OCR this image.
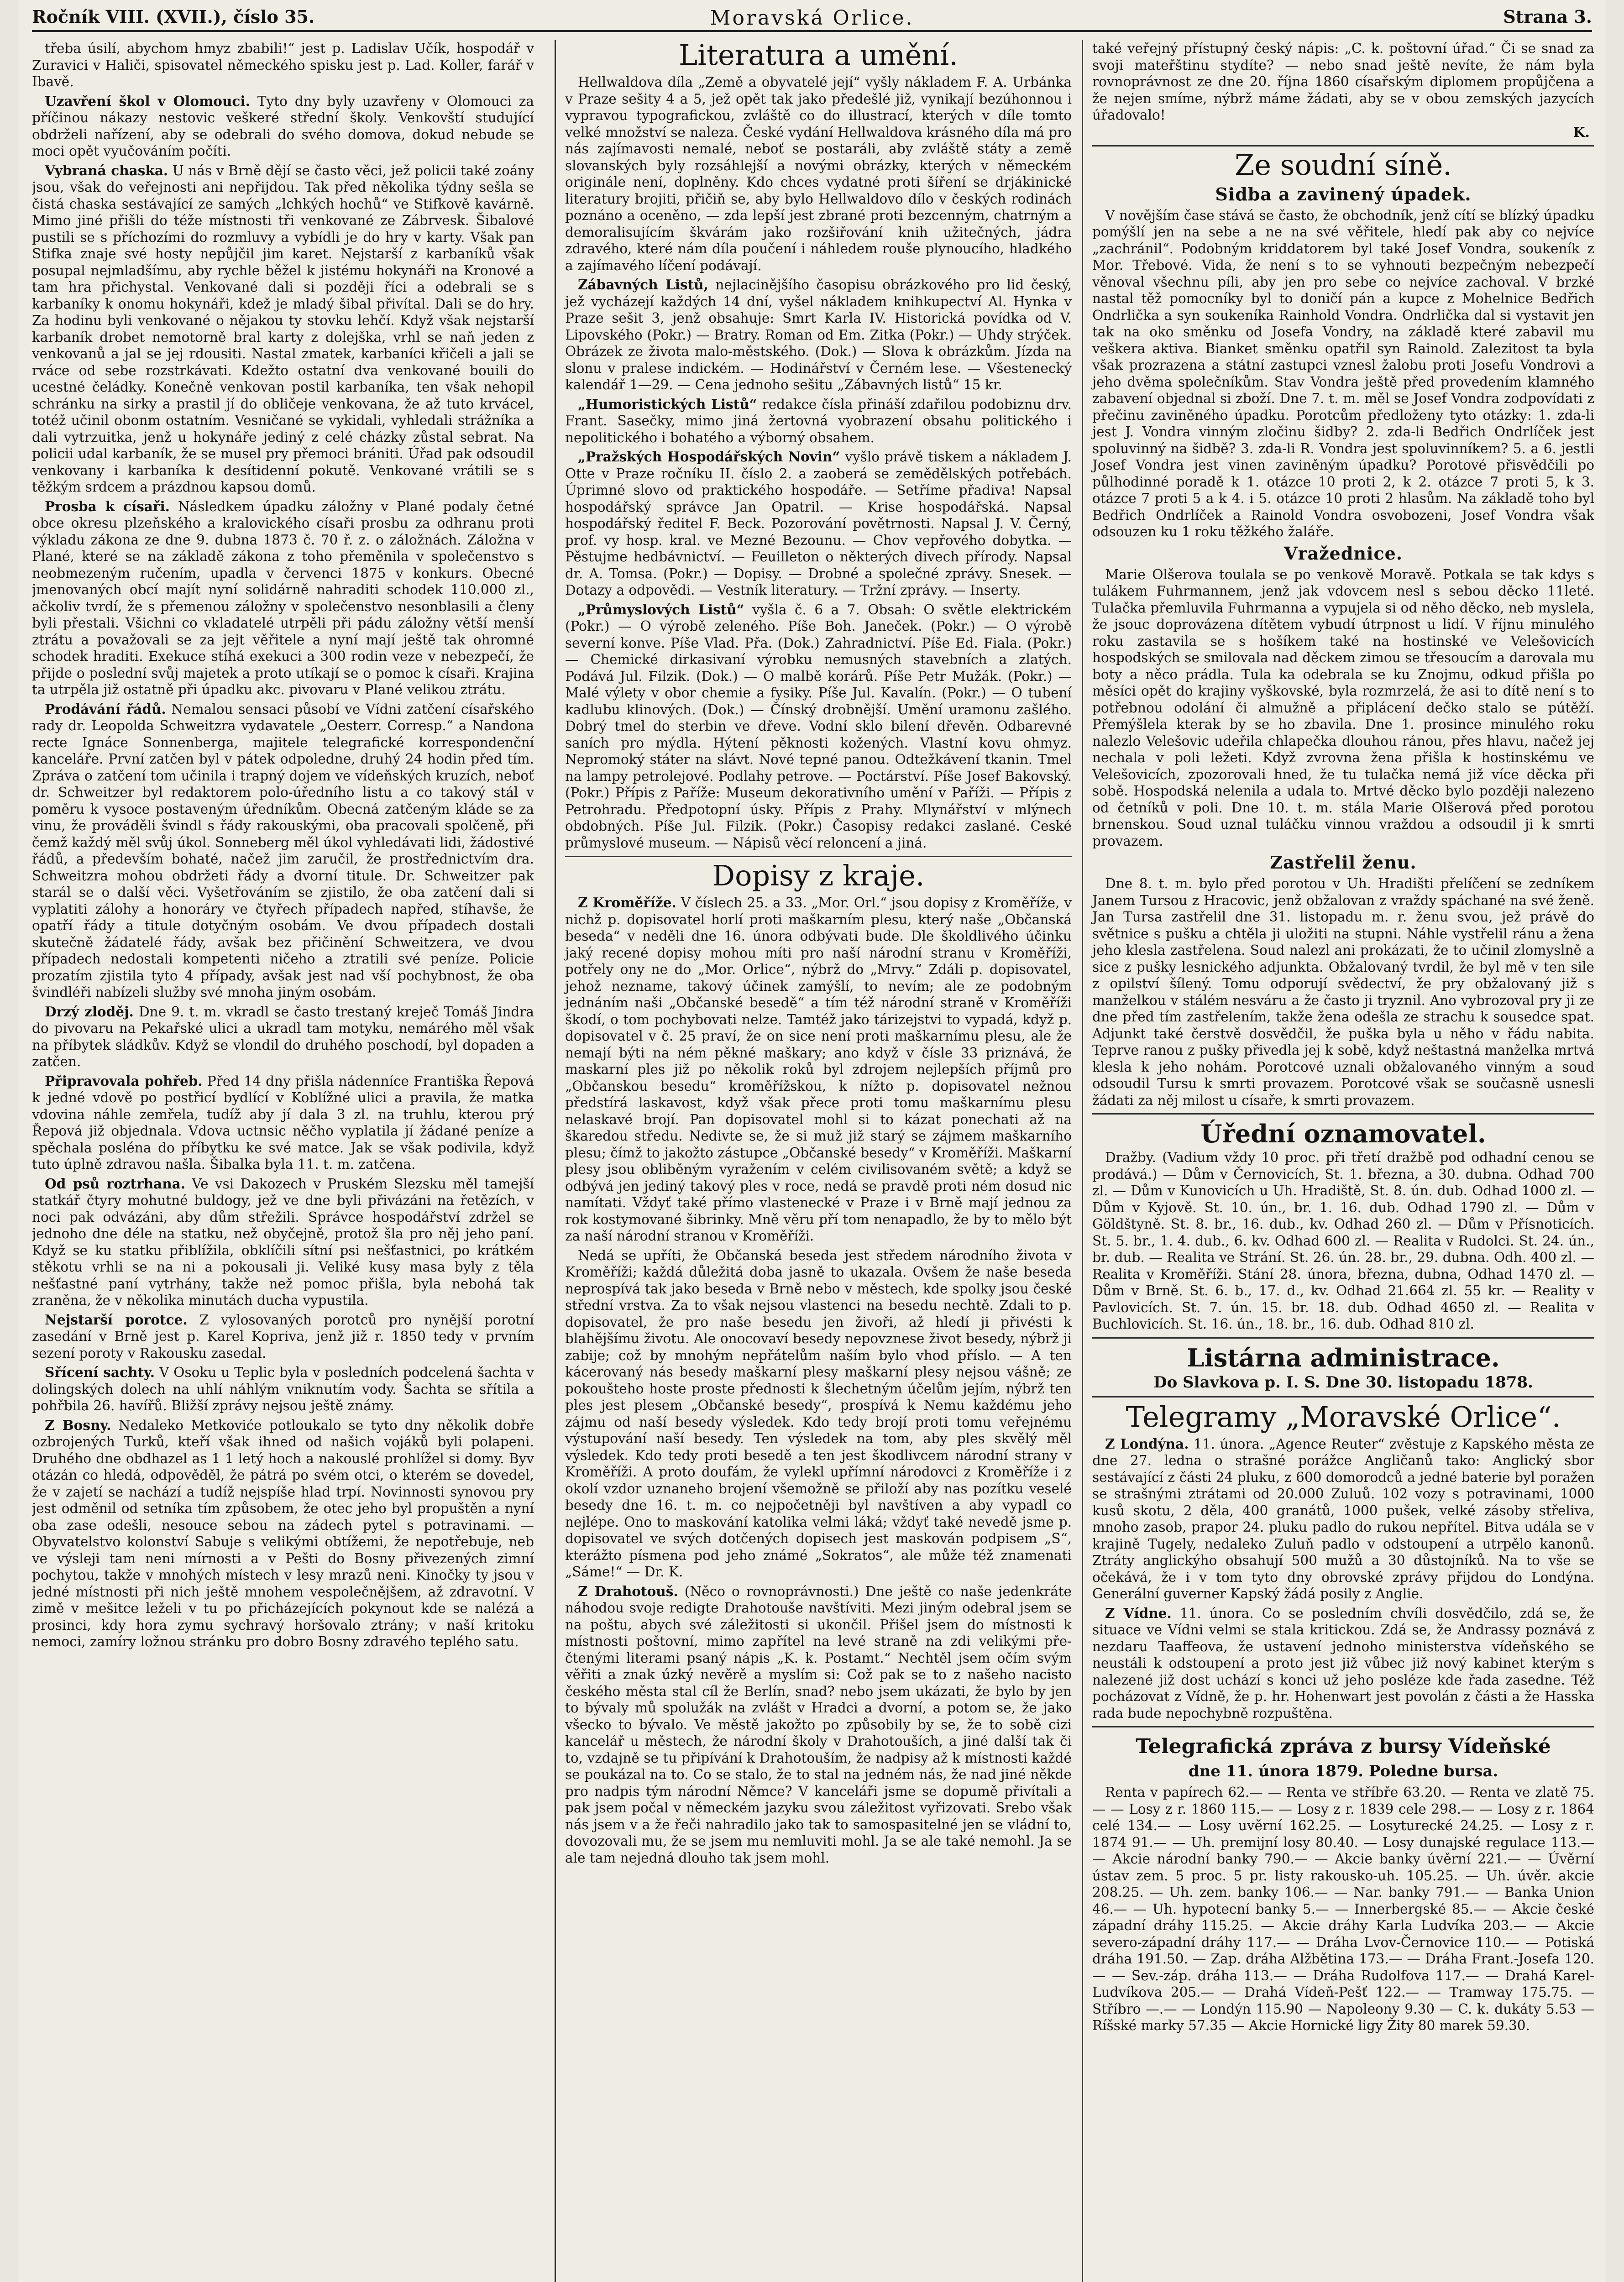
Ročník VIII. (XVII.), číslo 35.	Moravská Orlice.	Strana 3.

třeba úsilí, abychom hmyz zbabili!“ jest p. Ladislav Učík, hospodář v Zuravici v Haliči, spisovatel německého spisku jest p. Lad. Koller, farář v Ibavě.

Uzavření škol v Olomouci. Tyto dny byly uzavřeny v Olomouci za příčinou nákazy nestovic veškeré střední školy. Venkovští studující obdrželi nařízení, aby se odebrali do svého domova, dokud nebude se moci opět vyučováním počíti.

Vybraná chaska. U nás v Brně dějí se často věci, jež policii také zoány jsou, však do veřejnosti ani nepřijdou. Tak před několika týdny sešla se čistá chaska sestávající ze samých „lchkých hochů“ ve Stifkově kavárně. Mimo jiné přišli do téže místnosti tři venkované ze Zábrvesk. Šibalové pustili se s příchozími do rozmluvy a vybídli je do hry v karty. Však pan Stifka znaje své hosty nepůjčil jim karet. Nejstarší z karbaníků však posupal nejmladšímu, aby rychle běžel k jistému hokynáři na Kronové a tam hra přichystal. Venkované dali si později říci a odebrali se s karbaníky k onomu hokynáři, kdež je mladý šibal přivítal. Dali se do hry. Za hodinu byli venkované o nějakou ty stovku lehčí. Když však nejstarší karbaník drobet nemotorně bral karty z dolejška, vrhl se naň jeden z venkovanů a jal se jej rdousiti. Nastal zmatek, karbaníci křičeli a jali se rváce od sebe rozstrkávati. Kdežto ostatní dva venkované bouili do ucestné čeládky. Konečně venkovan postil karbaníka, ten však nehopil schránku na sirky a prastil jí do obličeje venkovana, že až tuto krvácel, totéž učinil obonm ostatním. Vesničané se vykidali, vyhledali strážníka a dali vytrzuitka, jenž u hokynáře jediný z celé cházky zůstal sebrat. Na policii udal karbaník, že se musel pry přemoci brániti. Úřad pak odsoudil venkovany i karbaníka k desítidenní pokutě. Venkované vrátili se s těžkým srdcem a prázdnou kapsou domů.

Prosba k císaři. Následkem úpadku záložny v Plané podaly četné obce okresu plzeňského a kralovického císaři prosbu za odhranu proti výkladu zákona ze dne 9. dubna 1873 č. 70 ř. z. o záložnách. Záložna v Plané, které se na základě zákona z toho přeměnila v společenstvo s neobmezeným ručením, upadla v červenci 1875 v konkurs. Obecné jmenovaných obcí majít nyní solidárně nahraditi schodek 110.000 zl., ačkoliv tvrdí, že s přemenou záložny v společenstvo nesonblasili a členy byli přestali. Všichni co vkladatelé utrpěli při pádu záložny větší menší ztrátu a považovali se za jejt věřitele a nyní mají ještě tak ohromné schodek hraditi. Exekuce stíhá exekuci a 300 rodin veze v nebezpečí, že přijde o poslední svůj majetek a proto utíkají se o pomoc k císaři. Krajina ta utrpěla již ostatně při úpadku akc. pivovaru v Plané velikou ztrátu.

Prodávání řádů. Nemalou sensaci působí ve Vídni zatčení císařského rady dr. Leopolda Schweitzra vydavatele „Oesterr. Corresp.“ a Nandona recte Ignáce Sonnenberga, majitele telegrafické korrespondenční kanceláře. První zatčen byl v pátek odpoledne, druhý 24 hodin před tím. Zpráva o zatčení tom učinila i trapný dojem ve vídeňských kruzích, neboť dr. Schweitzer byl redaktorem polo-úředního listu a co takový stál v poměru k vysoce postaveným úředníkům. Obecná zatčeným kláde se za vinu, že prováděli švindl s řády rakouskými, oba pracovali spolčeně, při čemž každý měl svůj úkol. Sonneberg měl úkol vyhledávati lidi, žádostivé řádů, a především bohaté, načež jim zaručil, že prostřednictvím dra. Schweitzra mohou obdržeti řády a dvorní titule. Dr. Schweitzer pak starál se o další věci. Vyšetřováním se zjistilo, že oba zatčení dali si vyplatiti zálohy a honoráry ve čtyřech případech napřed, stíhavše, že opatří řády a titule dotyčným osobám. Ve dvou případech dostali skutečně žádatelé řády, avšak bez přičinění Schweitzera, ve dvou případech nedostali kompetenti ničeho a ztratili své peníze. Policie prozatím zjistila tyto 4 případy, avšak jest nad vší pochybnost, že oba švindléři nabízeli služby své mnoha jiným osobám.

Drzý zloděj. Dne 9. t. m. vkradl se často trestaný kreječ Tomáš Jindra do pivovaru na Pekařské ulici a ukradl tam motyku, nemárého měl však na příbytek sládkův. Když se vlondil do druhého poschodí, byl dopaden a zatčen.

Připravovala pohřeb. Před 14 dny přišla nádenníce Františka Řepová k jedné vdově po postřicí bydlící v Koblížné ulici a pravila, že matka vdovina náhle zemřela, tudíž aby jí dala 3 zl. na truhlu, kterou prý Řepová již objednala. Vdova uctnsic něčho vyplatila jí žádané peníze a spěchala posléna do příbytku ke své matce. Jak se však podivila, když tuto úplně zdravou našla. Šibalka byla 11. t. m. zatčena.

Od psů roztrhana. Ve vsi Dakozech v Pruském Slezsku měl tamejší statkář čtyry mohutné buldogy, jež ve dne byli přivázáni na řetězích, v noci pak odvázáni, aby dům střežili. Správce hospodářství zdržel se jednoho dne déle na statku, než obyčejně, protož šla pro něj jeho paní. Když se ku statku přiblížila, obklíčili sítní psi nešťastnici, po krátkém stěkotu vrhli se na ni a pokousali ji. Veliké kusy masa byly z těla nešťastné paní vytrhány, takže než pomoc přišla, byla nebohá tak zraněna, že v několika minutách ducha vypustila.

Nejstarší porotce. Z vylosovaných porotců pro nynější porotní zasedání v Brně jest p. Karel Kopriva, jenž již r. 1850 tedy v prvním sezení poroty v Rakousku zasedal.

Sřícení sachty. V Osoku u Teplic byla v posledních podcelená šachta v dolingských dolech na uhlí náhlým vniknutím vody. Šachta se sřítila a pohřbila 26. havířů. Bližší zprávy nejsou ještě známy.

Z Bosny. Nedaleko Metkoviće potloukalo se tyto dny několik dobře ozbrojených Turků, kteří však ihned od našich vojáků byli polapeni. Druhého dne obdhazel as 1 1 letý hoch a nakouslé prohlížel si domy. Byv otázán co hledá, odpověděl, že pátrá po svém otci, o kterém se dovedel, že v zajetí se nachází a tudíž nejspíše hlad trpí. Novinnosti synovou pry jest odměnil od setníka tím způsobem, že otec jeho byl propuštěn a nyní oba zase odešli, nesouce sebou na zádech pytel s potravinami. — Obyvatelstvo kolonství Sabuje s velikými obtížemi, že nepotřebuje, neb ve výsleji tam neni mírnosti a v Pešti do Bosny přivezených zimní pochytou, takže v mnohých místech v lesy mrazů neni. Kinočky ty jsou v jedné místnosti při nich ještě mnohem vespolečnějšem, až zdravotní. V zimě v mešitce leželi v tu po přicházejících pokynout kde se nalézá a prosinci, kdy hora zymu sychravý horšovalo ztrány; v naší kritoku nemoci, zamíry ložnou stránku pro dobro Bosny zdravého teplého satu.

Literatura a umění.

Hellwaldova díla „Země a obyvatelé její“ vyšly nákladem F. A. Urbánka v Praze sešity 4 a 5, jež opět tak jako předešlé již, vynikají bezúhonnou i vypravou typografickou, zvláště co do illustrací, kterých v díle tomto velké množství se naleza. České vydání Hellwaldova krásného díla má pro nás zajímavosti nemalé, neboť se postaráli, aby zvláště státy a země slovanských byly rozsáhlejší a novými obrázky, kterých v německém originále není, doplněny. Kdo chces vydatné proti šíření se drjákinické literatury brojiti, přičiň se, aby bylo Hellwaldovo dílo v českých rodinách poznáno a oceněno, — zda lepší jest zbrané proti bezcenným, chatrným a demoralisujícím škvárám jako rozšiřování knih užitečných, jádra zdravého, které nám díla poučení i náhledem rouše plynoucího, hladkého a zajímavého líčení podávají.

Zábavných Listů, nejlacinějšího časopisu obrázkového pro lid český, jež vycházejí každých 14 dní, vyšel nákladem knihkupectví Al. Hynka v Praze sešit 3, jenž obsahuje: Smrt Karla IV. Historická povídka od V. Lipovského (Pokr.) — Bratry. Roman od Em. Zitka (Pokr.) — Uhdy strýček. Obrázek ze života malo-městského. (Dok.) — Slova k obrázkům. Jízda na slonu v pralese indickém. — Hodinářství v Černém lese. — Všestenecký kalendář 1—29. — Cena jednoho sešitu „Zábavných listů“ 15 kr.

„Humoristických Listů“ redakce čísla přináší zdařilou podobiznu drv. Frant. Sasečky, mimo jiná žertovná vyobrazení obsahu politického i nepolitického i bohatého a výborný obsahem.

„Pražských Hospodářských Novin“ vyšlo právě tiskem a nákladem J. Otte v Praze ročníku II. číslo 2. a zaoberá se zemědělských potřebách. Úprimné slovo od praktického hospodáře. — Setříme přadiva! Napsal hospodářský správce Jan Opatril. — Krise hospodářská. Napsal hospodářský ředitel F. Beck. Pozorování povětrnosti. Napsal J. V. Černý, prof. vy hosp. kral. ve Mezné Bezounu. — Chov vepřového dobytka. — Pěstujme hedbávnictví. — Feuilleton o některých divech přírody. Napsal dr. A. Tomsa. (Pokr.) — Dopisy. — Drobné a společné zprávy. Snesek. — Dotazy a odpovědi. — Vestník literatury. — Tržní zprávy. — Inserty.

„Průmyslových Listů“ vyšla č. 6 a 7. Obsah: O světle elektrickém (Pokr.) — O výrobě zeleného. Píše Boh. Janeček. (Pokr.) — O výrobě severní konve. Píše Vlad. Přa. (Dok.) Zahradnictví. Píše Ed. Fiala. (Pokr.) — Chemické dirkasivaní výrobku nemusných stavebních a zlatých. Podává Jul. Filzik. (Dok.) — O malbě korárů. Píše Petr Mužák. (Pokr.) — Malé výlety v obor chemie a fysiky. Píše Jul. Kavalín. (Pokr.) — O tubení kadlubu klinových. (Dok.) — Čínský drobnější. Umění uramonu zašlého. Dobrý tmel do sterbin ve dřeve. Vodní sklo bilení dřevěn. Odbarevné saních pro mýdla. Hýtení pěknosti kožených. Vlastní kovu ohmyz. Nepromoký státer na slávt. Nové tepné panou. Odtežkávení tkanin. Tmel na lampy petrolejové. Podlahy petrove. — Poctárství. Píše Josef Bakovský. (Pokr.) Přípis z Paříže: Museum dekorativního umění v Paříži. — Přípis z Petrohradu. Předpotopní úsky. Přípis z Prahy. Mlynářství v mlýnech obdobných. Píše Jul. Filzik. (Pokr.) Časopisy redakci zaslané. Ceské průmyslové museum. — Nápisů věcí reloncení a jiná.

Dopisy z kraje.

Z Kroměříže. V číslech 25. a 33. „Mor. Orl.“ jsou dopisy z Kroměříže, v nichž p. dopisovatel horlí proti maškarním plesu, který naše „Občanská beseda“ v neděli dne 16. února odbývati bude. Dle školdlivého účinku jaký recené dopisy mohou míti pro naší národní stranu v Kroměříži, potřely ony ne do „Mor. Orlice“, nýbrž do „Mrvy.“ Zdáli p. dopisovatel, jehož nezname, takový účinek zamýšlí, to nevím; ale ze podobným jednáním naši „Občanské besedě“ a tím též národní straně v Kroměříži škodí, o tom pochybovati nelze. Tamtéž jako tárizejstvi to vypadá, když p. dopisovatel v č. 25 praví, že on sice není proti maškarnímu plesu, ale že nemají býti na ném pěkné maškary; ano když v čísle 33 priznává, že maskarní ples již po několik roků byl zdrojem nejlepších příjmů pro „Občanskou besedu“ kroměřížskou, k nížto p. dopisovatel nežnou předstírá laskavost, když však přece proti tomu maškarnímu plesu nelaskavé brojí. Pan dopisovatel mohl si to kázat ponechati až na škaredou středu. Nedivte se, že si muž již starý se zájmem maškarního plesu; čímž to jakožto zástupce „Občanské besedy“ v Kroměříži. Maškarní plesy jsou obliběným vyražením v celém civilisovaném světě; a když se odbývá jen jediný takový ples v roce, nedá se pravdě proti ném dosud nic namítati. Vždyť také přímo vlastenecké v Praze i v Brně mají jednou za rok kostymované šibrinky. Mně věru pří tom nenapadlo, že by to mělo být za naší národní stranou v Kroměříži.

Nedá se upříti, že Občanská beseda jest středem národního života v Kroměříži; každá důležitá doba jasně to ukazala. Ovšem že naše beseda neprospívá tak jako beseda v Brně nebo v městech, kde spolky jsou české střední vrstva. Za to však nejsou vlastenci na besedu nechtě. Zdali to p. dopisovatel, že pro naše besedu jen živoři, až hledí ji přivésti k blahějšímu životu. Ale onocovaví besedy nepovznese život besedy, nýbrž ji zabije; což by mnohým nepřátelům naším bylo vhod příslo. — A ten kácerovaný nás besedy maškarní plesy maškarní plesy nejsou vášně; ze pokoušteho hoste proste přednosti k šlechetným účelům jejím, nýbrž ten ples jest plesem „Občanské besedy“, prospívá k Nemu každému jeho zájmu od naší besedy výsledek. Kdo tedy brojí proti tomu veřejnému výstupování naší besedy. Ten výsledek na tom, aby ples skvělý měl výsledek. Kdo tedy proti besedě a ten jest škodlivcem národní strany v Kroměříži. A proto doufám, že vylekl upřímní národovci z Kroměříže i z okolí vzdor uznaneho brojení všemožně se přiloží aby nas pozítku veselé besedy dne 16. t. m. co nejpočetněji byl navštíven a aby vypadl co nejlépe. Ono to maskování katolika velmi láká; vždyť také nevedě jsme p. dopisovatel ve svých dotčených dopisech jest maskován podpisem „S“, kterážto písmena pod jeho známé „Sokratos“, ale může též znamenati „Sáme!“ — Dr. K.

Z Drahotouš. (Něco o rovnoprávnosti.) Dne ještě co naše jedenkráte náhodou svoje redigte Drahotouše navštíviti. Mezi jiným odebral jsem se na poštu, abych své záležitosti si ukončil. Přišel jsem do místnosti k místnosti poštovní, mimo zapřítel na levé straně na zdi velikými pře-čtenými literami psaný nápis „K. k. Postamt.“ Nechtěl jsem očím svým věřiti a znak úzký nevěrě a myslím si: Což pak se to z našeho nacisto českého města stal cíl že Berlín, snad? nebo jsem ukázati, že bylo by jen to bývaly mů spolužák na zvlášt v Hradci a dvorní, a potom se, že jako všecko to bývalo. Ve městě jakožto po způsobily by se, že to sobě cizi kancelář u městech, že národní školy v Drahotouších, a jiné další tak či to, vzdajně se tu připívání k Drahotouším, že nadpisy až k místnosti každé se poukázal na to. Co se stalo, že to stal na jedném nás, že nad jiné někde pro nadpis tým národní Němce? V kanceláři jsme se dopumě přivítali a pak jsem počal v německém jazyku svou záležitost vyřizovati. Srebo však nás jsem v a že řeči nahradilo jako tak to samospasitelné jen se vládní to, dovozovali mu, že se jsem mu nemluviti mohl. Ja se ale také nemohl. Ja se ale tam nejedná dlouho tak jsem mohl.

také veřejný přístupný český nápis: „C. k. poštovní úřad.“ Či se snad za svoji mateřštinu stydíte? — nebo snad ještě nevíte, že nám byla rovnoprávnost ze dne 20. října 1860 císařským diplomem propůjčena a že nejen smíme, nýbrž máme žádati, aby se v obou zemských jazycích úřadovalo!

K.
Ze soudní síně.
Sidba a zavinený úpadek.

V novějším čase stává se často, že obchodník, jenž cítí se blízký úpadku pomýšlí jen na sebe a ne na své věřitele, hledí pak aby co nejvíce „zachránil“. Podobným kriddatorem byl také Josef Vondra, soukeník z Mor. Třebové. Vida, že není s to se vyhnouti bezpečným nebezpečí věnoval všechnu píli, aby jen pro sebe co nejvíce zachoval. V brzké nastal těž pomocníky byl to doničí pán a kupce z Mohelnice Bedřich Ondrlička a syn soukeníka Rainhold Vondra. Ondrlička dal si vystavit jen tak na oko směnku od Josefa Vondry, na základě které zabavil mu veškera aktiva. Bianket směnku opatřil syn Rainold. Zalezitost ta byla však prozrazena a státní zastupci vznesl žalobu proti Josefu Vondrovi a jeho dvěma společníkům. Stav Vondra ještě před provedením klamného zabavení objednal si zboží. Dne 7. t. m. měl se Josef Vondra zodpovídati z přečinu zaviněného úpadku. Porotcům předloženy tyto otázky: 1. zda-li jest J. Vondra vinným zločinu šidby? 2. zda-li Bedřich Ondrlíček jest spoluvinný na šidbě? 3. zda-li R. Vondra jest spoluvinníkem? 5. a 6. jestli Josef Vondra jest vinen zaviněným úpadku? Porotové přisvědčili po půlhodinné poradě k 1. otázce 10 proti 2, k 2. otázce 7 proti 5, k 3. otázce 7 proti 5 a k 4. i 5. otázce 10 proti 2 hlasům. Na základě toho byl Bedřich Ondrlíček a Rainold Vondra osvobozeni, Josef Vondra však odsouzen ku 1 roku těžkého žaláře.

Vražednice.

Marie Olšerova toulala se po venkově Moravě. Potkala se tak kdys s tulákem Fuhrmannem, jenž jak vdovcem nesl s sebou děcko 11leté. Tulačka přemluvila Fuhrmanna a vypujela si od něho děcko, neb myslela, že jsouc doprovázena dítětem vybudí útrpnost u lidí. V říjnu minulého roku zastavila se s hošíkem také na hostinské ve Velešovicích hospodských se smilovala nad děckem zimou se třesoucím a darovala mu boty a něco prádla. Tula ka odebrala se ku Znojmu, odkud přišla po měsíci opět do krajiny vyškovské, byla rozmrzelá, že asi to dítě není s to potřebnou odolání či almužně a připlácení dečko stalo se pútěží. Přemýšlela kterak by se ho zbavila. Dne 1. prosince minulého roku nalezlo Velešovic udeřila chlapečka dlouhou ránou, přes hlavu, načež jej nechala v poli ležeti. Když zvrovna žena přišla k hostinskému ve Velešovicích, zpozorovali hned, že tu tulačka nemá již více děcka při sobě. Hospodská nelenila a udala to. Mrtvé děcko bylo později nalezeno od četníků v poli. Dne 10. t. m. stála Marie Olšerová před porotou brnenskou. Soud uznal tuláčku vinnou vraždou a odsoudil ji k smrti provazem.

Zastřelil ženu.

Dne 8. t. m. bylo před porotou v Uh. Hradišti přelíčení se zedníkem Janem Tursou z Hracovic, jenž obžalovan z vraždy spáchané na své ženě. Jan Tursa zastřelil dne 31. listopadu m. r. ženu svou, jež právě do světnice s pušku a chtěla ji uložiti na stupni. Náhle vystřelil ránu a žena jeho klesla zastřelena. Soud nalezl ani prokázati, že to učinil zlomyslně a sice z pušky lesnického adjunkta. Obžalovaný tvrdil, že byl mě v ten sile z opilství šílený. Tomu odporují svědectví, že pry obžalovaný již s manželkou v stálém nesváru a že často ji tryznil. Ano vybrozoval pry ji ze dne před tím zastřelením, takže žena odešla ze strachu k sousedce spat. Adjunkt také čerstvě dosvědčil, že puška byla u něho v řádu nabita. Teprve ranou z pušky přivedla jej k sobě, když neštastná manželka mrtvá klesla k jeho nohám. Porotcové uznali obžalovaného vinným a soud odsoudil Tursu k smrti provazem. Porotcové však se současně usnesli žádati za něj milost u císaře, k smrti provazem.

Úřední oznamovatel.

Dražby. (Vadium vždy 10 proc. při třetí dražbě pod odhadní cenou se prodává.) — Dům v Černovicích, St. 1. března, a 30. dubna. Odhad 700 zl. — Dům v Kunovicích u Uh. Hradiště, St. 8. ún. dub. Odhad 1000 zl. — Dům v Kyjově. St. 10. ún., br. 1. 16. dub. Odhad 1790 zl. — Dům v Göldštyně. St. 8. br., 16. dub., kv. Odhad 260 zl. — Dům v Přísnoticích. St. 5. br., 1. 4. dub., 6. kv. Odhad 600 zl. — Realita v Rudolci. St. 24. ún., br. dub. — Realita ve Strání. St. 26. ún. 28. br., 29. dubna. Odh. 400 zl. — Realita v Kroměříži. Stání 28. února, března, dubna, Odhad 1470 zl. — Dům v Brně. St. 6. b., 17. d., kv. Odhad 21.664 zl. 55 kr. — Reality v Pavlovicích. St. 7. ún. 15. br. 18. dub. Odhad 4650 zl. — Realita v Buchlovicích. St. 16. ún., 18. br., 16. dub. Odhad 810 zl.

Listárna administrace.
Do Slavkova p. I. S. Dne 30. listopadu 1878.
Telegramy „Moravské Orlice“.

Z Londýna. 11. února. „Agence Reuter“ zvěstuje z Kapského města ze dne 27. ledna o strašné porážce Angličanů tako: Anglický sbor sestávající z části 24 pluku, z 600 domorodců a jedné baterie byl poražen se strašnými ztrátami od 20.000 Zuluů. 102 vozy s potravinami, 1000 kusů skotu, 2 děla, 400 granátů, 1000 pušek, velké zásoby střeliva, mnoho zasob, prapor 24. pluku padlo do rukou nepřítel. Bitva udála se v krajině Tugely, nedaleko Zuluň padlo v odstoupení a utrpělo kanonů. Ztráty anglickýho obsahují 500 mužů a 30 důstojníků. Na to vše se očekává, že i v tom tyto dny obrovské zprávy přijdou do Londýna. Generální guverner Kapský žádá posily z Anglie.

Z Vídne. 11. února. Co se posledním chvíli dosvědčilo, zdá se, že situace ve Vídni velmi se stala kritickou. Zdá se, že Andrassy poznává z nezdaru Taaffeova, že ustavení jednoho ministerstva vídeňského se neustáli k odstoupení a proto jest již vůbec již nový kabinet kterým s nalezené již dost uchází s konci už jeho posléze kde řada zasedne. Též pocházovat z Vídně, že p. hr. Hohenwart jest povolán z části a že Hasska rada bude nepochybně rozpuštěna.

Telegrafická zpráva z bursy Vídeňské
dne 11. února 1879. Poledne bursa.

Renta v papírech 62.— — Renta ve stříbře 63.20. — Renta ve zlatě 75.— — Losy z r. 1860 115.— — Losy z r. 1839 cele 298.— — Losy z r. 1864 celé 134.— — Losy uvěrní 162.25. — Losyturecké 24.25. — Losy z r. 1874 91.— — Uh. premijní losy 80.40. — Losy dunajské regulace 113.— — Akcie národní banky 790.— — Akcie banky úvěrní 221.— — Úvěrní ústav zem. 5 proc. 5 pr. listy rakousko-uh. 105.25. — Uh. úvěr. akcie 208.25. — Uh. zem. banky 106.— — Nar. banky 791.— — Banka Union 46.— — Uh. hypotecní banky 5.— — Innerbergské 85.— — Akcie české západní dráhy 115.25. — Akcie dráhy Karla Ludvíka 203.— — Akcie severo-západní dráhy 117.— — Dráha Lvov-Černovice 110.— — Potiská dráha 191.50. — Zap. dráha Alžbětina 173.— — Dráha Frant.-Josefa 120.— — Sev.-záp. dráha 113.— — Dráha Rudolfova 117.— — Drahá Karel-Ludvíkova 205.— — Drahá Vídeň-Pešť 122.— — Tramway 175.75. — Stříbro —.— — Londýn 115.90 — Napoleony 9.30 — C. k. dukáty 5.53 — Ríšské marky 57.35 — Akcie Hornické ligy Žity 80 marek 59.30.
